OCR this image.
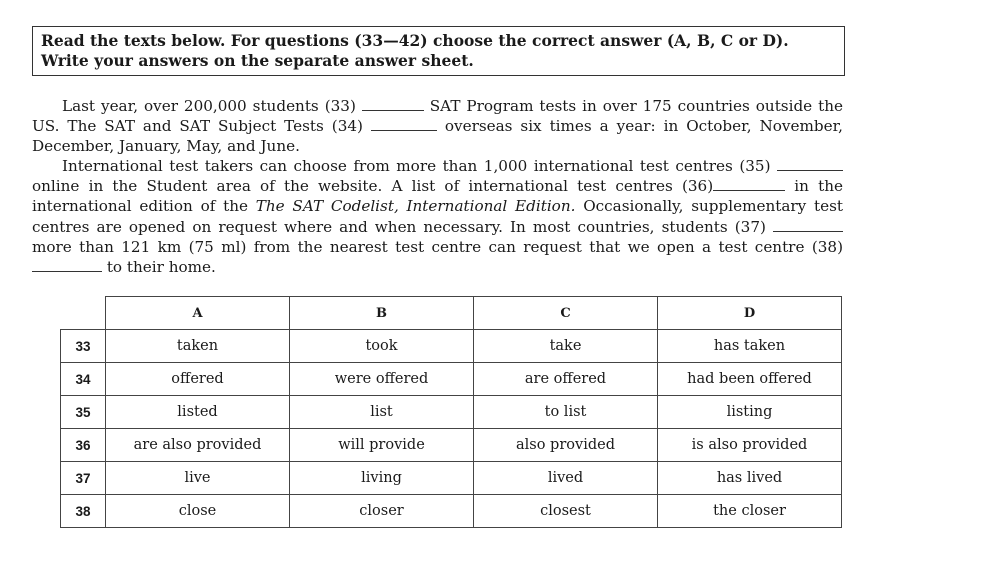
Read the texts below. For questions (33—42) choose the correct answer (A, B, C or D). Write your answers on the separate answer sheet.

Last year, over 200,000 students (33)	SAT Program tests in over 175 countries outside the US. The SAT and SAT Subject Tests (34)	overseas six times a year: in October, November, December, January, May, and June.

International test takers can choose from more than 1,000 international test centres (35)  online in the Student area of the website. A list of international test centres (36)	in the international edition of the The SAT Codelist, International Edition. Occasionally, supplementary test centres are opened on request where and when necessary. In most countries, students (37)  more than 121 km (75 ml) from the nearest test centre can request that we open a test centre (38)  to their home.

	A	B	C	D
33	taken	took	take	has taken
34	offered	were offered	are offered	had been offered
35	listed	list	to list	listing
36	are also provided	will provide	also provided	is also provided
37	live	living	lived	has lived
38	close	closer	closest	the closer
